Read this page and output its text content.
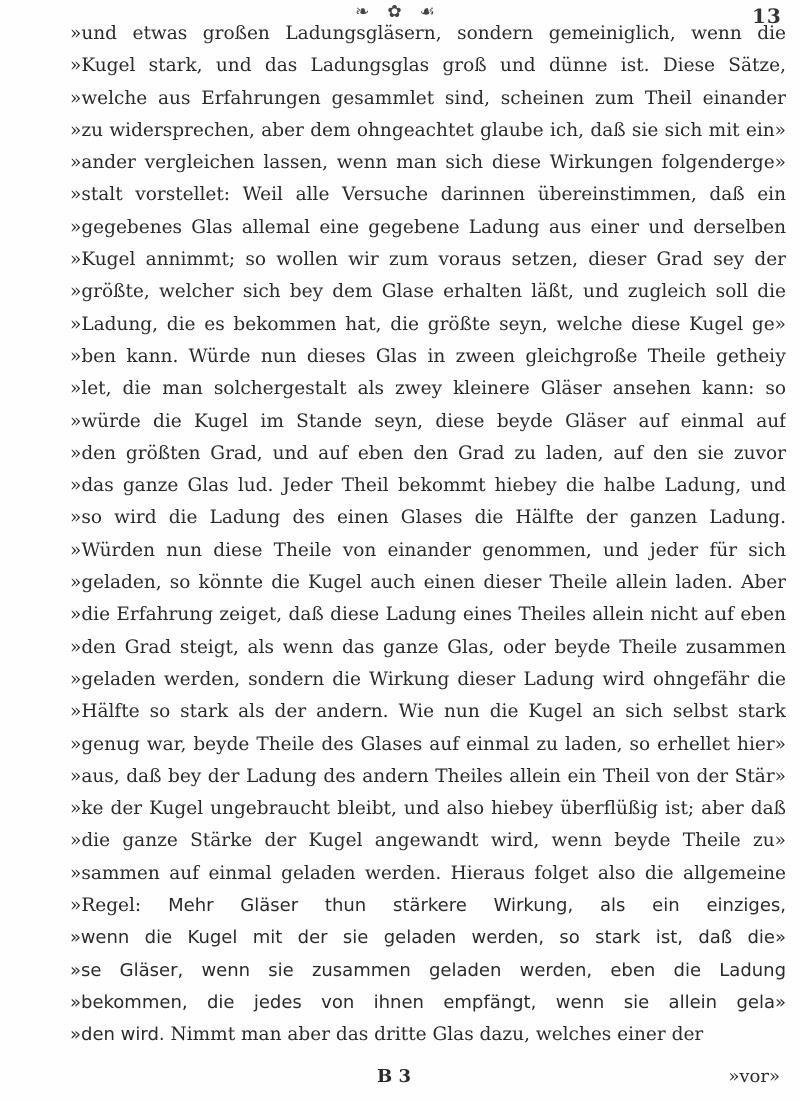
❧ ✿ ☙	13
»und etwas großen Ladungsgläsern, sondern gemeiniglich, wenn die
»Kugel stark, und das Ladungsglas groß und dünne ist. Diese Sätze,
»welche aus Erfahrungen gesammlet sind, scheinen zum Theil einander
»zu widersprechen, aber dem ohngeachtet glaube ich, daß sie sich mit ein»
»ander vergleichen lassen, wenn man sich diese Wirkungen folgenderge»
»stalt vorstellet: Weil alle Versuche darinnen übereinstimmen, daß ein
»gegebenes Glas allemal eine gegebene Ladung aus einer und derselben
»Kugel annimmt; so wollen wir zum voraus setzen, dieser Grad sey der
»größte, welcher sich bey dem Glase erhalten läßt, und zugleich soll die
»Ladung, die es bekommen hat, die größte seyn, welche diese Kugel ge»
»ben kann. Würde nun dieses Glas in zween gleichgroße Theile getheiу
»let, die man solchergestalt als zwey kleinere Gläser ansehen kann: so
»würde die Kugel im Stande seyn, diese beyde Gläser auf einmal auf
»den größten Grad, und auf eben den Grad zu laden, auf den sie zuvor
»das ganze Glas lud. Jeder Theil bekommt hiebey die halbe Ladung, und
»so wird die Ladung des einen Glases die Hälfte der ganzen Ladung.
»Würden nun diese Theile von einander genommen, und jeder für sich
»geladen, so könnte die Kugel auch einen dieser Theile allein laden. Aber
»die Erfahrung zeiget, daß diese Ladung eines Theiles allein nicht auf eben
»den Grad steigt, als wenn das ganze Glas, oder beyde Theile zusammen
»geladen werden, sondern die Wirkung dieser Ladung wird ohngefähr die
»Hälfte so stark als der andern. Wie nun die Kugel an sich selbst stark
»genug war, beyde Theile des Glases auf einmal zu laden, so erhellet hier»
»aus, daß bey der Ladung des andern Theiles allein ein Theil von der Stär»
»ke der Kugel ungebraucht bleibt, und also hiebey überflüßig ist; aber daß
»die ganze Stärke der Kugel angewandt wird, wenn beyde Theile zu»
»sammen auf einmal geladen werden. Hieraus folget also die allgemeine
»Regel: Mehr Gläser thun stärkere Wirkung, als ein einziges,
»wenn die Kugel mit der sie geladen werden, so stark ist, daß die»
»se Gläser, wenn sie zusammen geladen werden, eben die Ladung
»bekommen, die jedes von ihnen empfängt, wenn sie allein gela»
»den wird. Nimmt man aber das dritte Glas dazu, welches einer der
B 3	»vor»
